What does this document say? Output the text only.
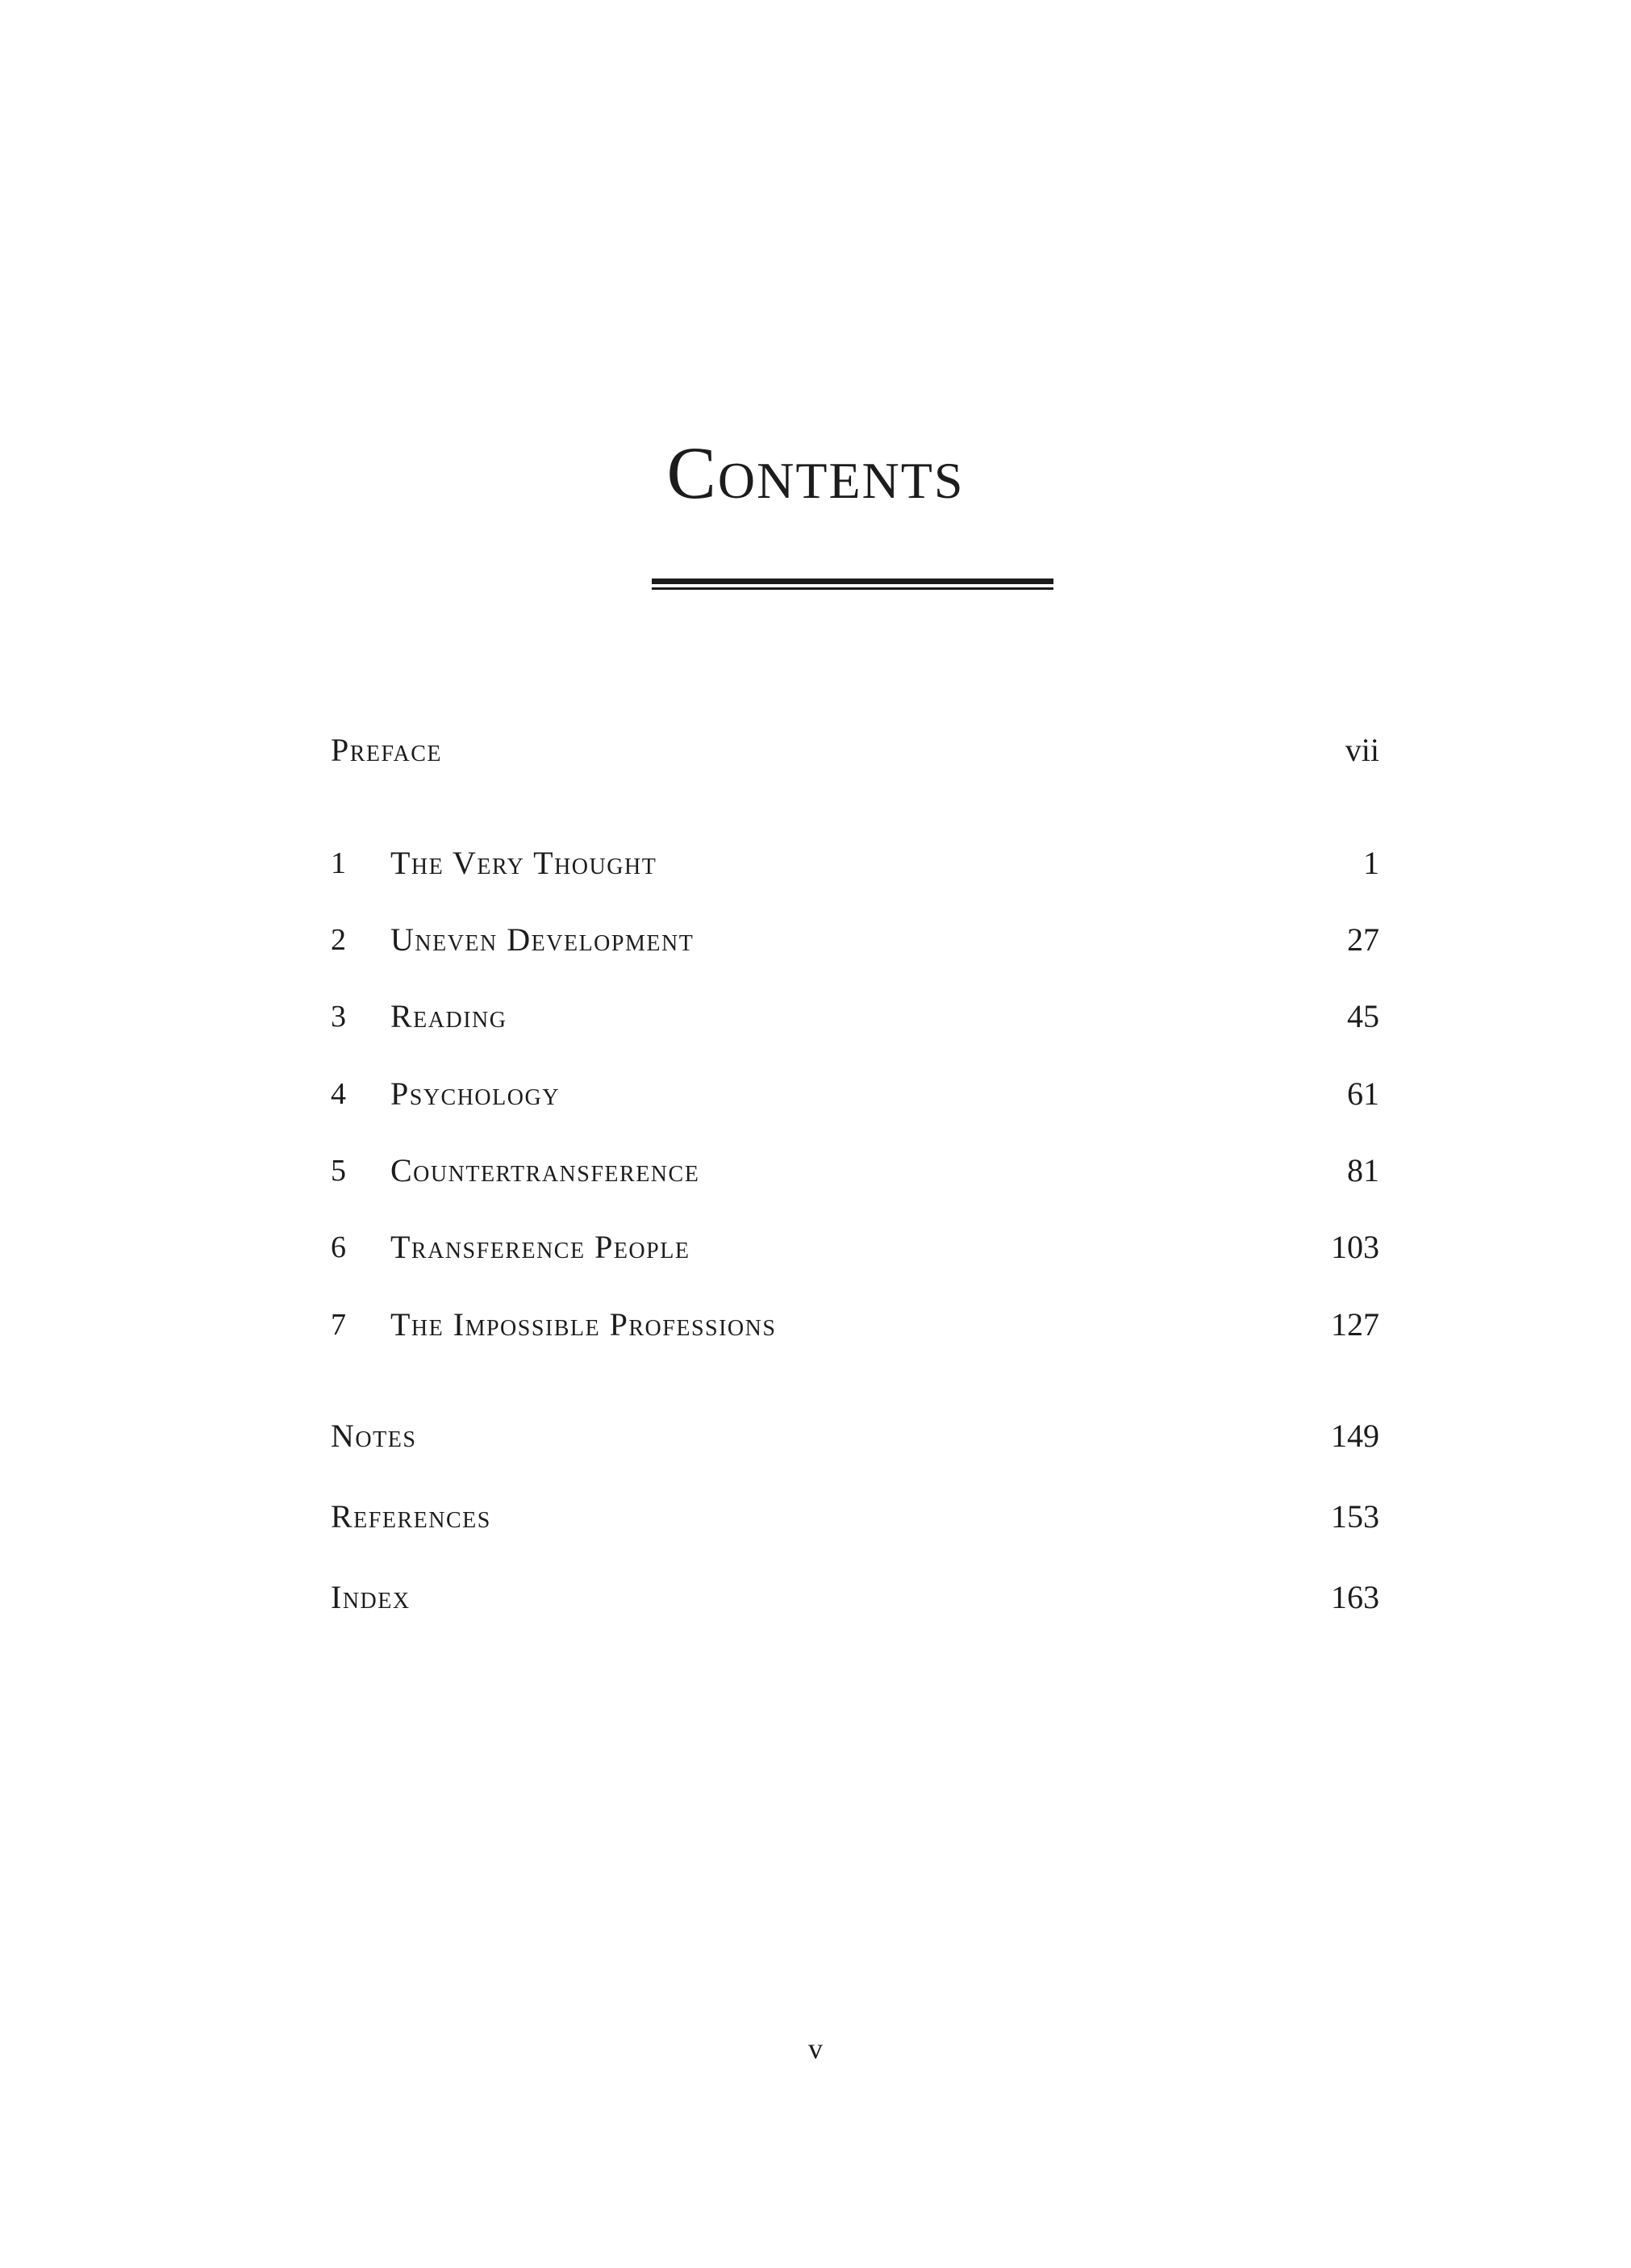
Contents
Preface	vii
1	The Very Thought	1
2	Uneven Development	27
3	Reading	45
4	Psychology	61
5	Countertransference	81
6	Transference People	103
7	The Impossible Professions	127
Notes	149
References	153
Index	163
v
